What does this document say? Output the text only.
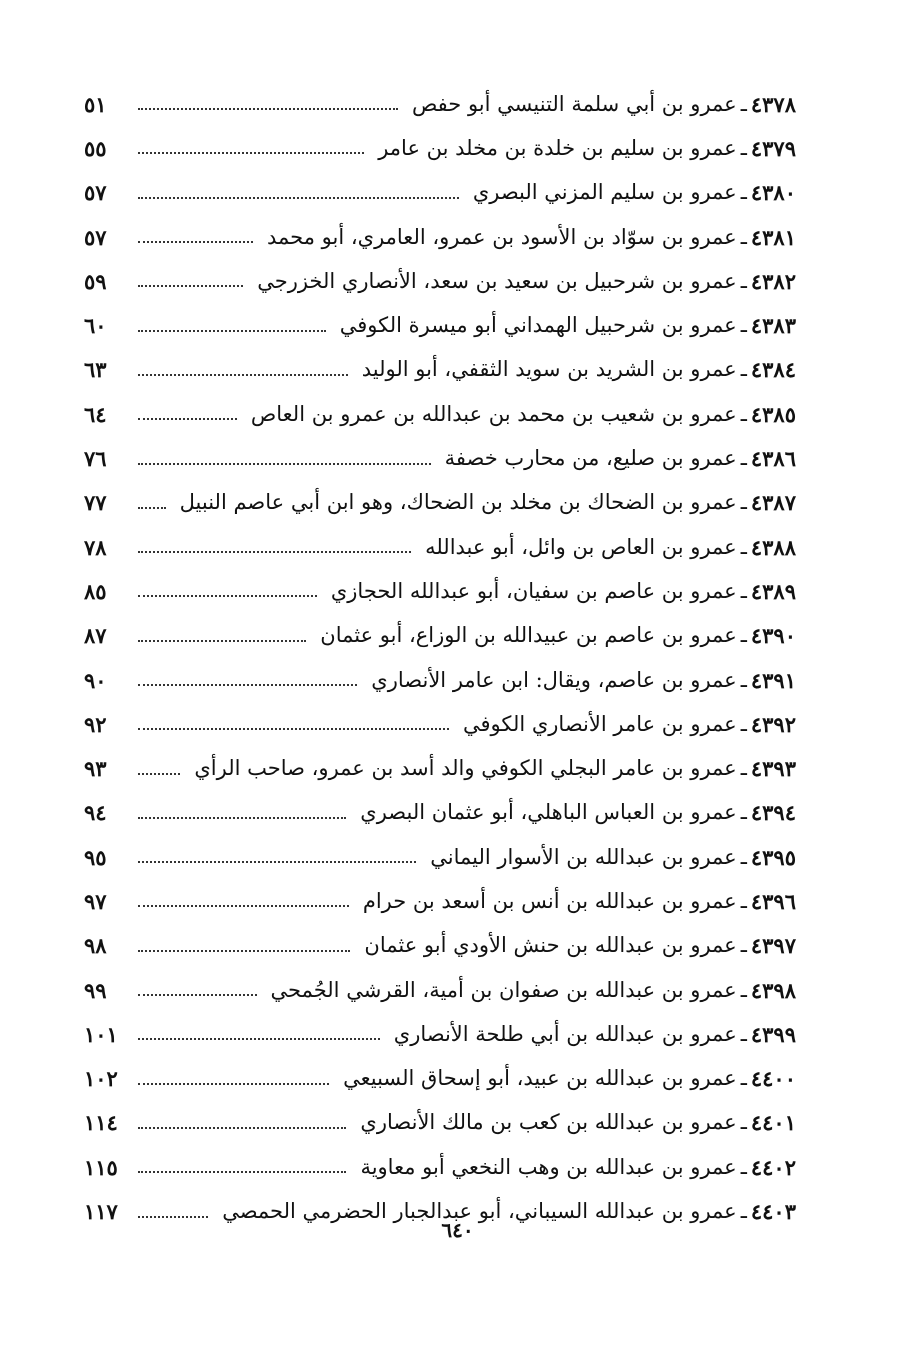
٤٣٧٨
ـ
عمرو بن أبي سلمة التنيسي أبو حفص
٥١
٤٣٧٩
ـ
عمرو بن سليم بن خلدة بن مخلد بن عامر
٥٥
٤٣٨٠
ـ
عمرو بن سليم المزني البصري
٥٧
٤٣٨١
ـ
عمرو بن سوّاد بن الأسود بن عمرو، العامري، أبو محمد
٥٧
٤٣٨٢
ـ
عمرو بن شرحبيل بن سعيد بن سعد، الأنصاري الخزرجي
٥٩
٤٣٨٣
ـ
عمرو بن شرحبيل الهمداني أبو ميسرة الكوفي
٦٠
٤٣٨٤
ـ
عمرو بن الشريد بن سويد الثقفي، أبو الوليد
٦٣
٤٣٨٥
ـ
عمرو بن شعيب بن محمد بن عبدالله بن عمرو بن العاص
٦٤
٤٣٨٦
ـ
عمرو بن صليع، من محارب خصفة
٧٦
٤٣٨٧
ـ
عمرو بن الضحاك بن مخلد بن الضحاك، وهو ابن أبي عاصم النبيل
٧٧
٤٣٨٨
ـ
عمرو بن العاص بن وائل، أبو عبدالله
٧٨
٤٣٨٩
ـ
عمرو بن عاصم بن سفيان، أبو عبدالله الحجازي
٨٥
٤٣٩٠
ـ
عمرو بن عاصم بن عبيدالله بن الوزاع، أبو عثمان
٨٧
٤٣٩١
ـ
عمرو بن عاصم، ويقال: ابن عامر الأنصاري
٩٠
٤٣٩٢
ـ
عمرو بن عامر الأنصاري الكوفي
٩٢
٤٣٩٣
ـ
عمرو بن عامر البجلي الكوفي والد أسد بن عمرو، صاحب الرأي
٩٣
٤٣٩٤
ـ
عمرو بن العباس الباهلي، أبو عثمان البصري
٩٤
٤٣٩٥
ـ
عمرو بن عبدالله بن الأسوار اليماني
٩٥
٤٣٩٦
ـ
عمرو بن عبدالله بن أنس بن أسعد بن حرام
٩٧
٤٣٩٧
ـ
عمرو بن عبدالله بن حنش الأودي أبو عثمان
٩٨
٤٣٩٨
ـ
عمرو بن عبدالله بن صفوان بن أمية، القرشي الجُمحي
٩٩
٤٣٩٩
ـ
عمرو بن عبدالله بن أبي طلحة الأنصاري
١٠١
٤٤٠٠
ـ
عمرو بن عبدالله بن عبيد، أبو إسحاق السبيعي
١٠٢
٤٤٠١
ـ
عمرو بن عبدالله بن كعب بن مالك الأنصاري
١١٤
٤٤٠٢
ـ
عمرو بن عبدالله بن وهب النخعي أبو معاوية
١١٥
٤٤٠٣
ـ
عمرو بن عبدالله السيباني، أبو عبدالجبار الحضرمي الحمصي
١١٧
٦٤٠
